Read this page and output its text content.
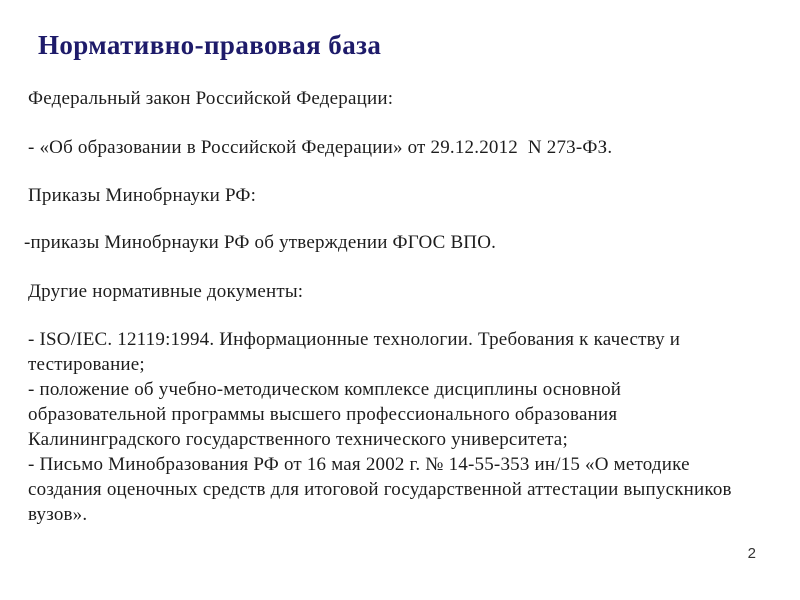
Нормативно-правовая база
Федеральный закон Российской Федерации:
- «Об образовании в Российской Федерации» от 29.12.2012  N 273-ФЗ.
Приказы Минобрнауки РФ:
-приказы Минобрнауки РФ об утверждении ФГОС ВПО.
Другие нормативные документы:
- ISO/IEC. 12119:1994. Информационные технологии. Требования к качеству и
тестирование;
- положение об учебно-методическом комплексе дисциплины основной
образовательной программы высшего профессионального образования
Калининградского государственного технического университета;
- Письмо Минобразования РФ от 16 мая 2002 г. № 14-55-353 ин/15 «О методике
создания оценочных средств для итоговой государственной аттестации выпускников
вузов».
2
